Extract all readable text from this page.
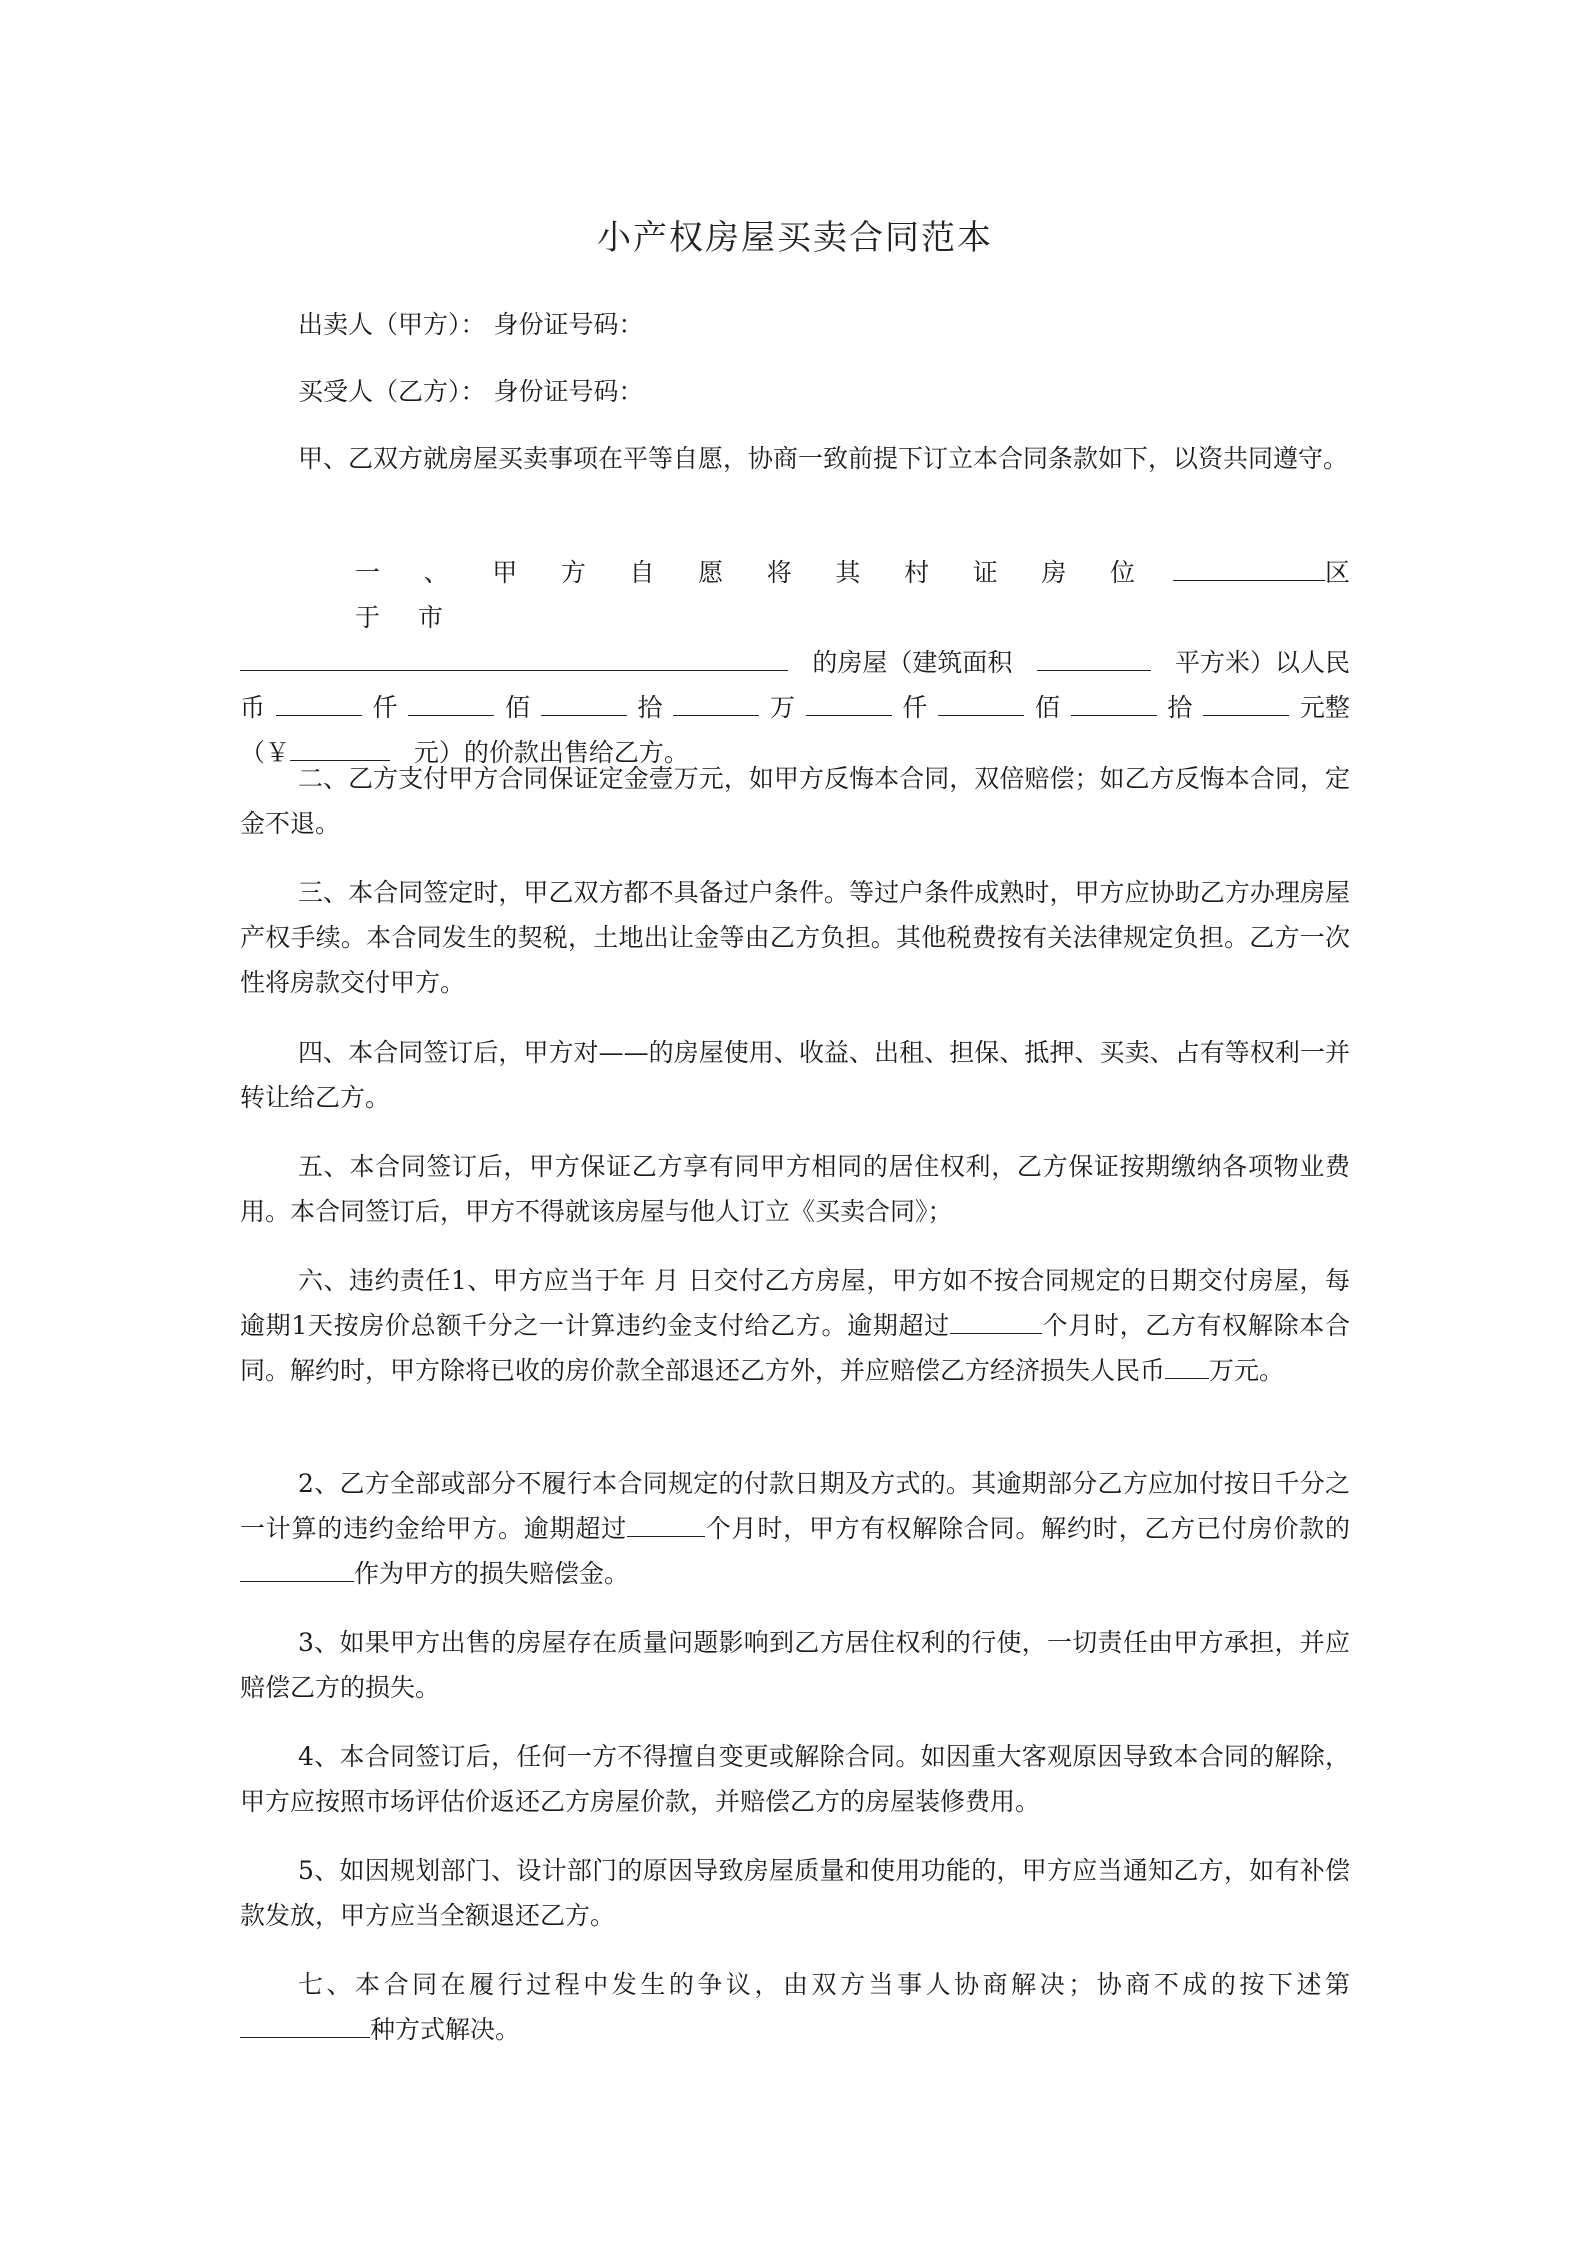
小产权房屋买卖合同范本
出卖人（甲方）： 身份证号码：
买受人（乙方）： 身份证号码：
甲、乙双方就房屋买卖事项在平等自愿，协商一致前提下订立本合同条款如下，以资共同遵守。
一、甲方自愿将其村证房位于市
区
的房屋（建筑面积	平方米）以人民
币	仟	佰	拾	万	仟	佰	拾	元整
（￥	元）的价款出售给乙方。
二、乙方支付甲方合同保证定金壹万元，如甲方反悔本合同，双倍赔偿；如乙方反悔本合同，定金不退。
三、本合同签定时，甲乙双方都不具备过户条件。等过户条件成熟时，甲方应协助乙方办理房屋产权手续。本合同发生的契税，土地出让金等由乙方负担。其他税费按有关法律规定负担。乙方一次性将房款交付甲方。
四、本合同签订后，甲方对——的房屋使用、收益、出租、担保、抵押、买卖、占有等权利一并转让给乙方。
五、本合同签订后，甲方保证乙方享有同甲方相同的居住权利，乙方保证按期缴纳各项物业费用。本合同签订后，甲方不得就该房屋与他人订立《买卖合同》；
六、违约责任1、甲方应当于年 月 日交付乙方房屋，甲方如不按合同规定的日期交付房屋，每逾期1天按房价总额千分之一计算违约金支付给乙方。逾期超过	个月时，乙方有权解除本合同。解约时，甲方除将已收的房价款全部退还乙方外，并应赔偿乙方经济损失人民币 万元。
2、乙方全部或部分不履行本合同规定的付款日期及方式的。其逾期部分乙方应加付按日千分之一计算的违约金给甲方。逾期超过	个月时，甲方有权解除合同。解约时，乙方已付房价款的作为甲方的损失赔偿金。
3、如果甲方出售的房屋存在质量问题影响到乙方居住权利的行使，一切责任由甲方承担，并应赔偿乙方的损失。
4、本合同签订后，任何一方不得擅自变更或解除合同。如因重大客观原因导致本合同的解除，甲方应按照市场评估价返还乙方房屋价款，并赔偿乙方的房屋装修费用。
5、如因规划部门、设计部门的原因导致房屋质量和使用功能的，甲方应当通知乙方，如有补偿款发放，甲方应当全额退还乙方。
七、本合同在履行过程中发生的争议，由双方当事人协商解决；协商不成的按下述第种方式解决。
